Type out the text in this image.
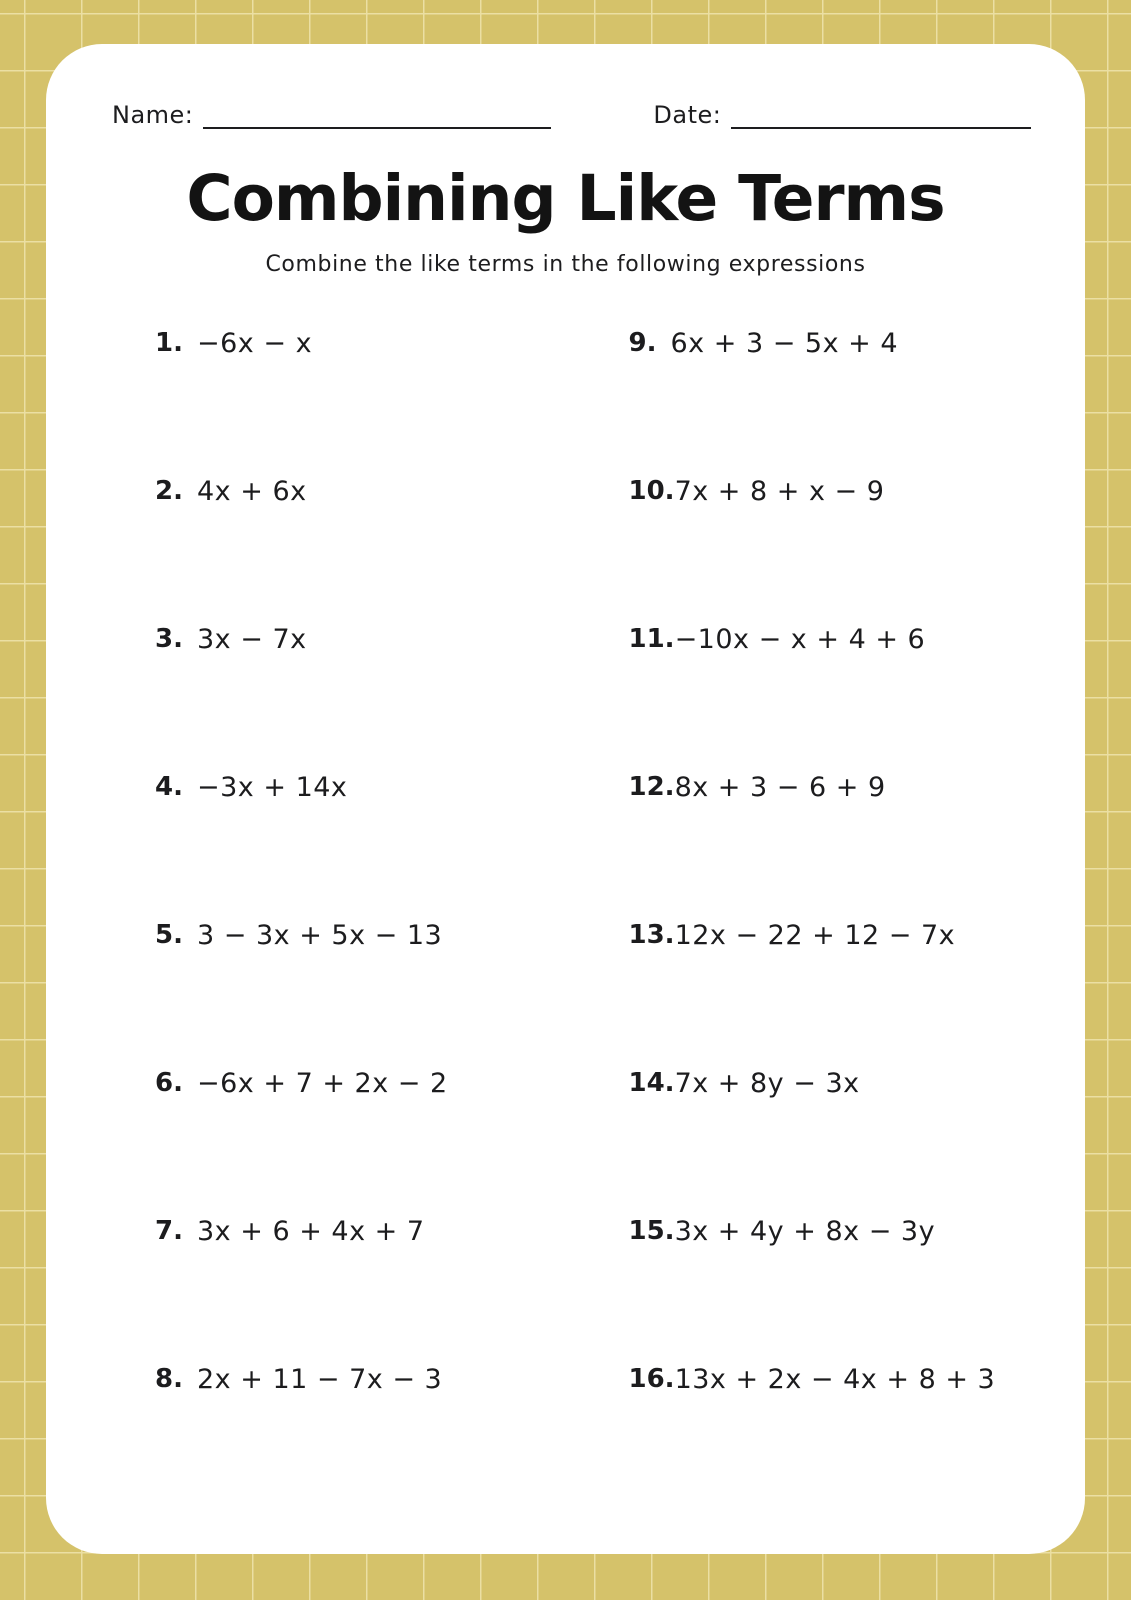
Name:	Date:
Combining Like Terms

Combine the like terms in the following expressions

1. −6x − x
2. 4x + 6x
3. 3x − 7x
4. −3x + 14x
5. 3 − 3x + 5x − 13
6. −6x + 7 + 2x − 2
7. 3x + 6 + 4x + 7
8. 2x + 11 − 7x − 3
9. 6x + 3 − 5x + 4
10. 7x + 8 + x − 9
11. −10x − x + 4 + 6
12. 8x + 3 − 6 + 9
13. 12x − 22 + 12 − 7x
14. 7x + 8y − 3x
15. 3x + 4y + 8x − 3y
16. 13x + 2x − 4x + 8 + 3
